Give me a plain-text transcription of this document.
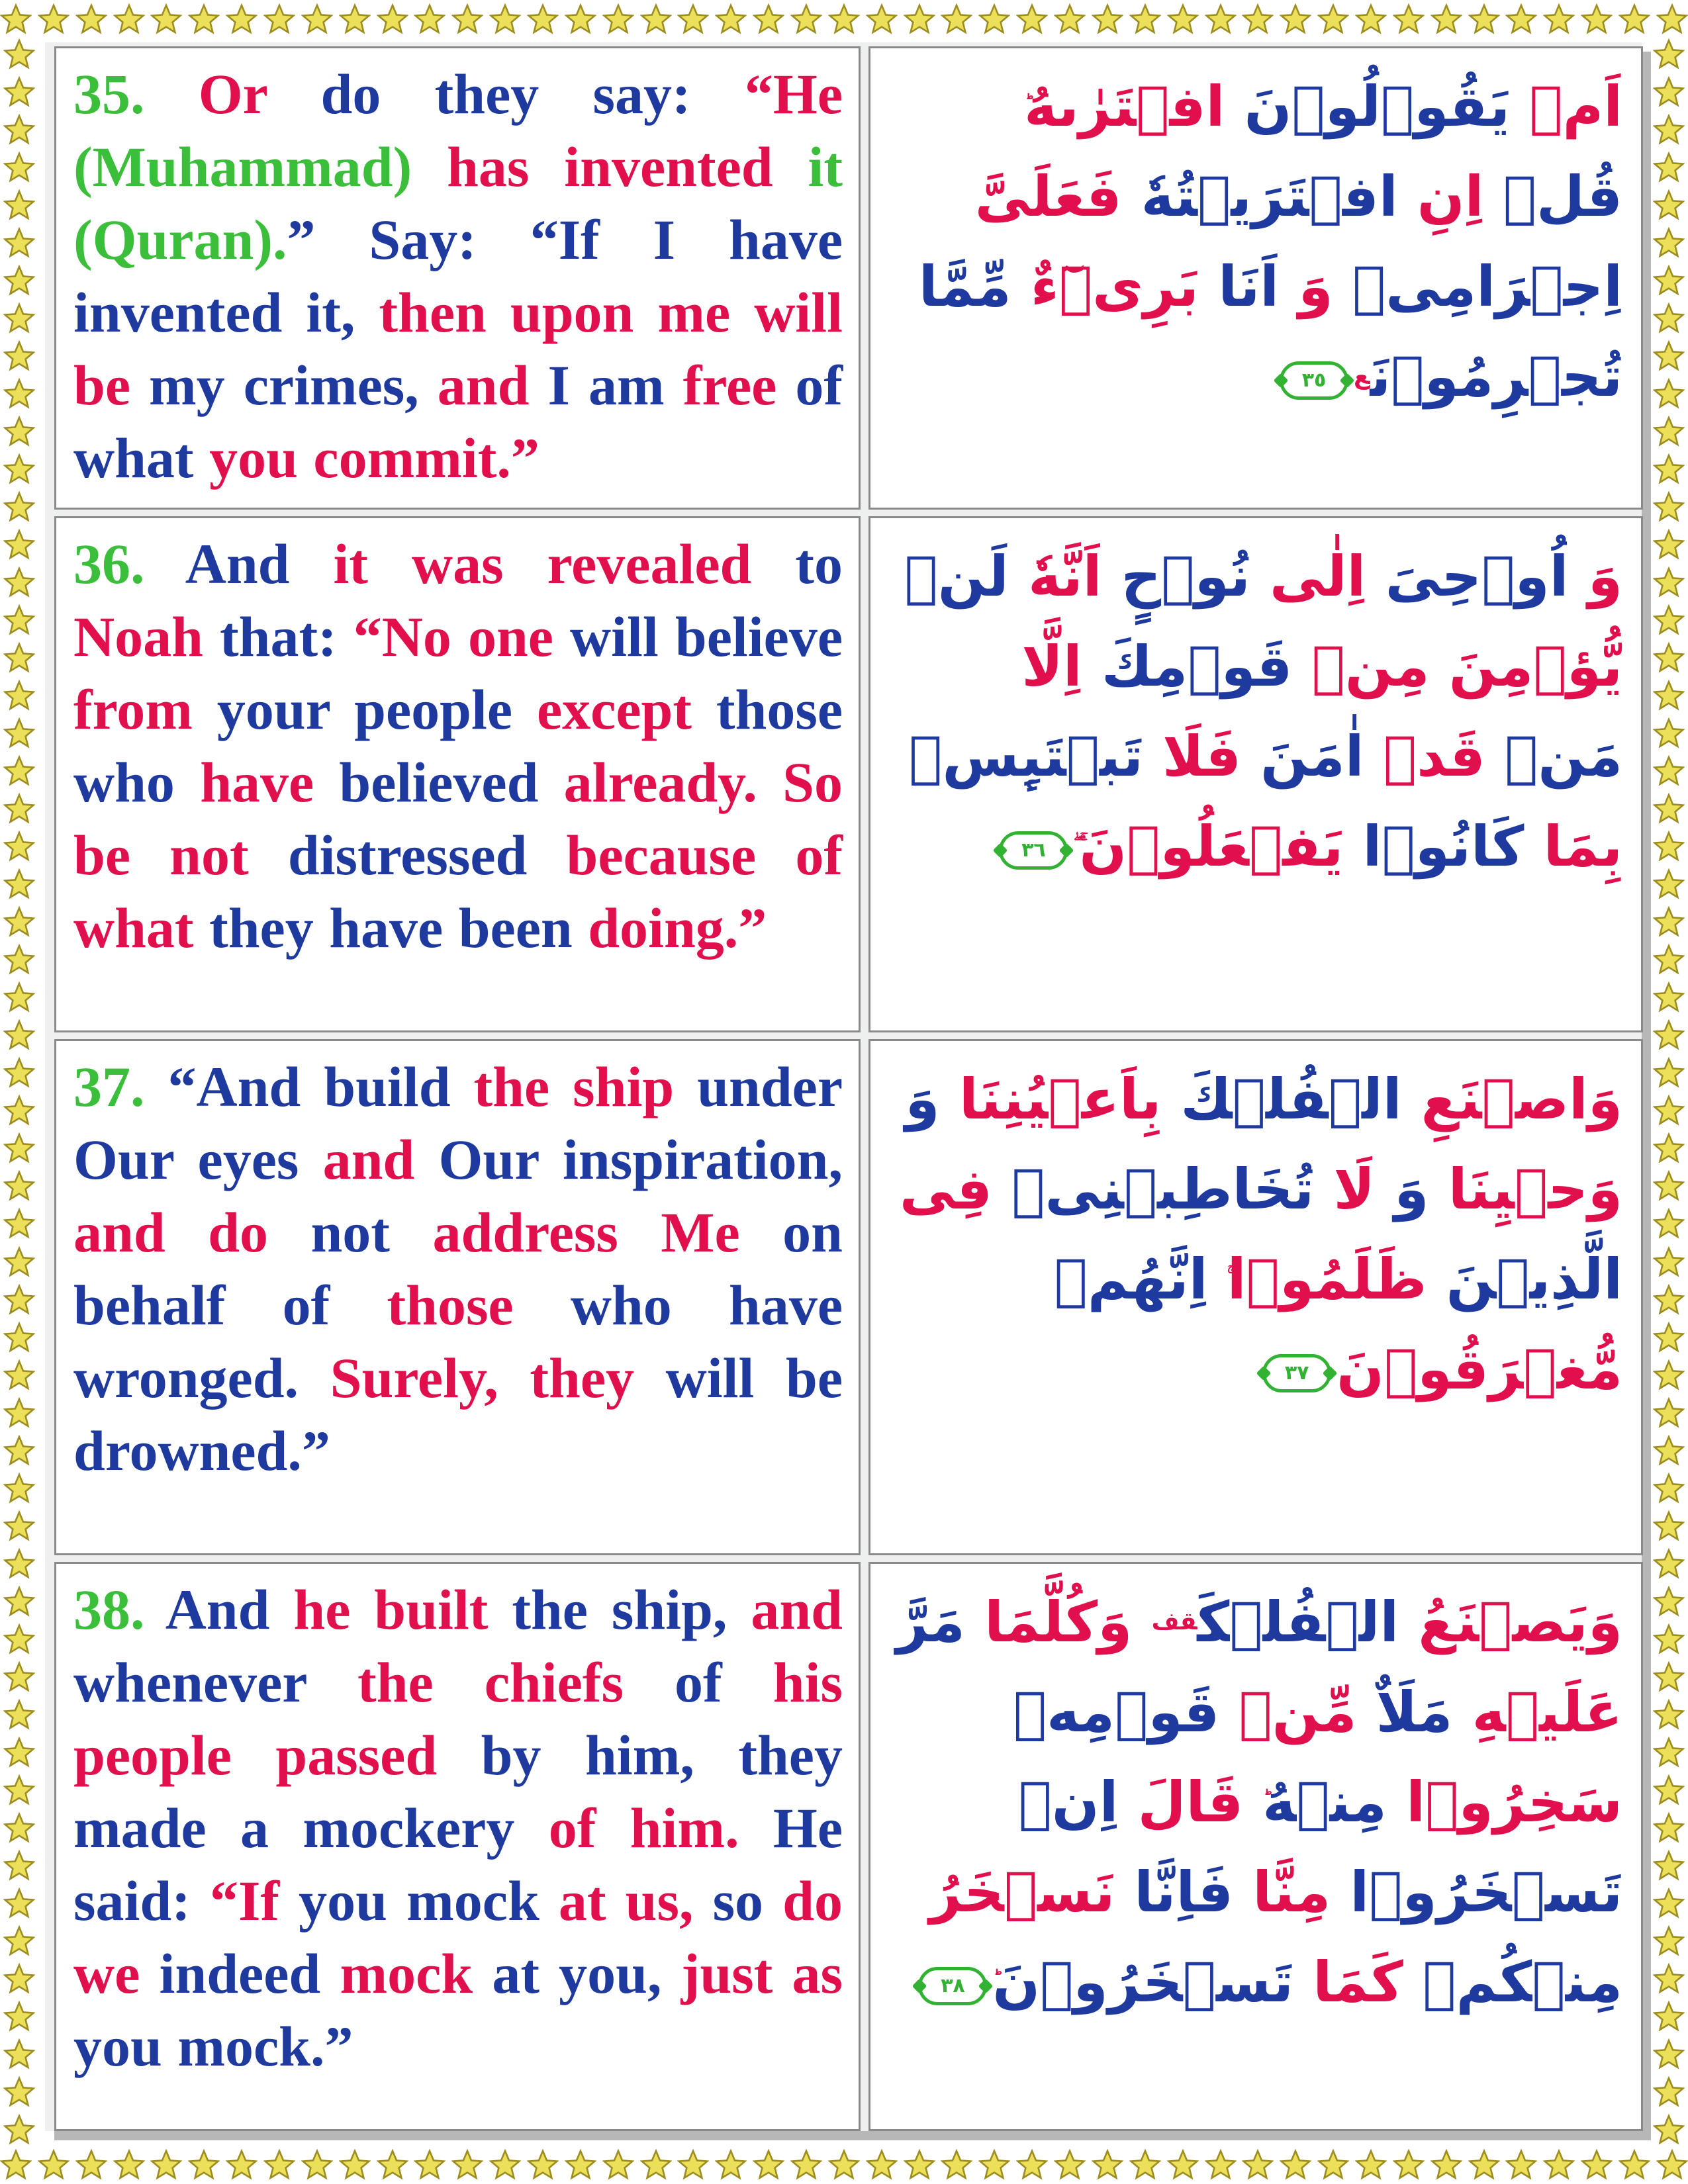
35. Or do they say: “He (Muhammad) has invented it (Quran).” Say: “If I have invented it, then upon me will be my crimes, and I am free of what you commit.”

اَمۡ يَقُوۡلُوۡنَ افۡتَرٰٮهُ قُلۡ اِنِ افۡتَرَيۡتُهٗ فَعَلَىَّ اِجۡرَامِىۡ وَ اَنَا بَرِىۡٓءٌ مِّمَّا تُجۡرِمُوۡنَ$^ع$
٣٥

36. And it was revealed to Noah that: “No one will believe from your people except those who have believed already. So be not distressed because of what they have been doing.”

وَ اُوۡحِىَ اِلٰى نُوۡحٍ اَنَّهٗ لَنۡ يُّؤۡمِنَ مِنۡ قَوۡمِكَ اِلَّا مَنۡ قَدۡ اٰمَنَ فَلَا تَبۡتَٮِٕسۡ بِمَا كَانُوۡا يَفۡعَلُوۡنَۚ ۖ
٣٦

37. “And build the ship under Our eyes and Our inspiration, and do not address Me on behalf of those who have wronged. Surely, they will be drowned.”

وَاصۡنَعِ الۡفُلۡكَ بِاَعۡيُنِنَا وَ وَحۡيِنَا وَ لَا تُخَاطِبۡنِىۡ فِى الَّذِيۡنَ ظَلَمُوۡا اِنَّهُمۡ مُّغۡرَقُوۡنَ
٣٧

38. And he built the ship, and whenever the chiefs of his people passed by him, they made a mockery of him. He said: “If you mock at us, so do we indeed mock at you, just as you mock.”

وَيَصۡنَعُ الۡفُلۡكَ$^{قف}$ وَكُلَّمَا مَرَّ عَلَيۡهِ مَلَاٌ مِّنۡ قَوۡمِهٖ سَخِرُوۡا مِنۡهُ قَالَ اِنۡ تَسۡخَرُوۡا مِنَّا فَاِنَّا نَسۡخَرُ مِنۡكُمۡ كَمَا تَسۡخَرُوۡنَ
٣٨
